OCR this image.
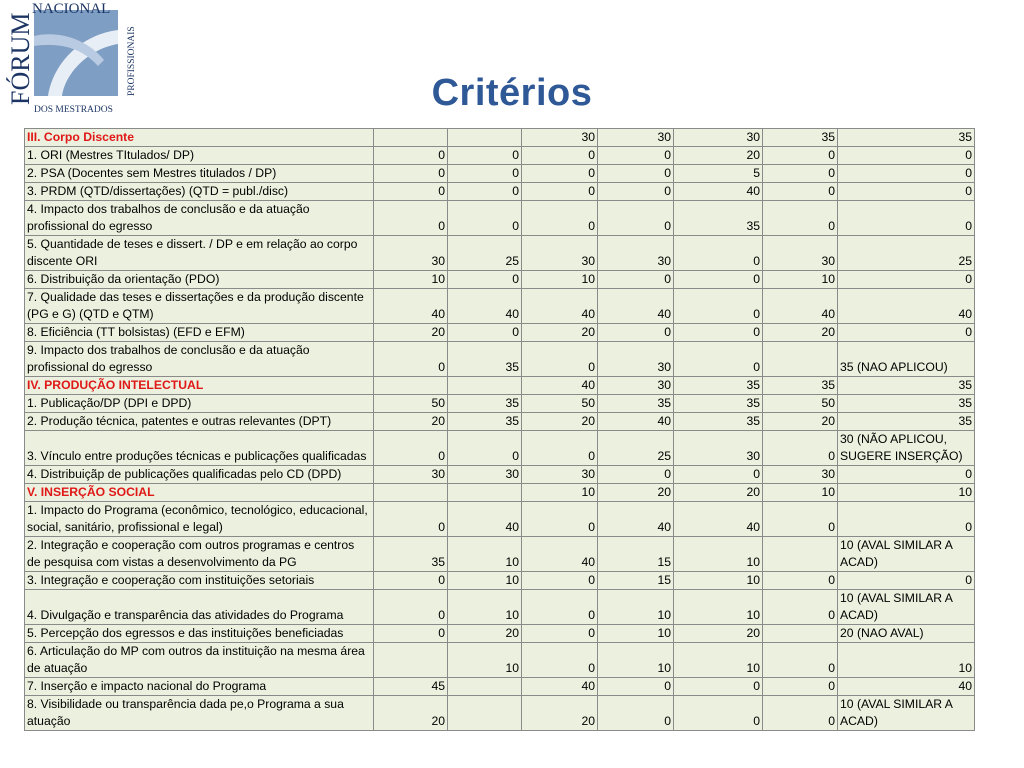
NACIONAL
FÓRUM	PROFISSIONAIS
DOS MESTRADOS	Critérios
III. Corpo Discente			30	30	30	35	35
1. ORI (Mestres TItulados/ DP)	0	0	0	0	20	0	0
2. PSA (Docentes sem Mestres titulados / DP)	0	0	0	0	5	0	0
3. PRDM (QTD/dissertações) (QTD = publ./disc)	0	0	0	0	40	0	0
4. Impacto dos trabalhos de conclusão e da atuação profissional do egresso	0	0	0	0	35	0	0
5. Quantidade de teses e dissert. / DP e em relação ao corpo discente ORI	30	25	30	30	0	30	25
6. Distribuição da orientação (PDO)	10	0	10	0	0	10	0
7. Qualidade das teses e dissertações e da produção discente (PG e G) (QTD e QTM)	40	40	40	40	0	40	40
8. Eficiência (TT bolsistas) (EFD e EFM)	20	0	20	0	0	20	0
9. Impacto dos trabalhos de conclusão e da atuação profissional do egresso	0	35	0	30	0		35 (NAO APLICOU)
IV. PRODUÇÃO INTELECTUAL			40	30	35	35	35
1. Publicação/DP (DPI e DPD)	50	35	50	35	35	50	35
2. Produção técnica, patentes e outras relevantes (DPT)	20	35	20	40	35	20	35
3. Vínculo entre produções técnicas e publicações qualificadas	0	0	0	25	30	0	30 (NÃO APLICOU, SUGERE INSERÇÃO)
4. Distribuiçãp de publicações qualificadas pelo CD (DPD)	30	30	30	0	0	30	0
V. INSERÇÃO SOCIAL			10	20	20	10	10
1. Impacto do Programa (econômico, tecnológico, educacional, social, sanitário, profissional e legal)	0	40	0	40	40	0	0
2. Integração e cooperação com outros programas e centros de pesquisa com vistas a desenvolvimento da PG	35	10	40	15	10		10 (AVAL SIMILAR A ACAD)
3. Integração e cooperação com instituições setoriais	0	10	0	15	10	0	0
4. Divulgação e transparência das atividades do Programa	0	10	0	10	10	0	10 (AVAL SIMILAR A ACAD)
5. Percepção dos egressos e das instituições beneficiadas	0	20	0	10	20		20 (NAO AVAL)
6. Articulação do MP com outros da instituição na mesma área de atuação		10	0	10	10	0	10
7. Inserção e impacto nacional do Programa	45		40	0	0	0	40
8. Visibilidade ou transparência dada pe,o Programa a sua atuação	20		20	0	0	0	10 (AVAL SIMILAR A ACAD)
